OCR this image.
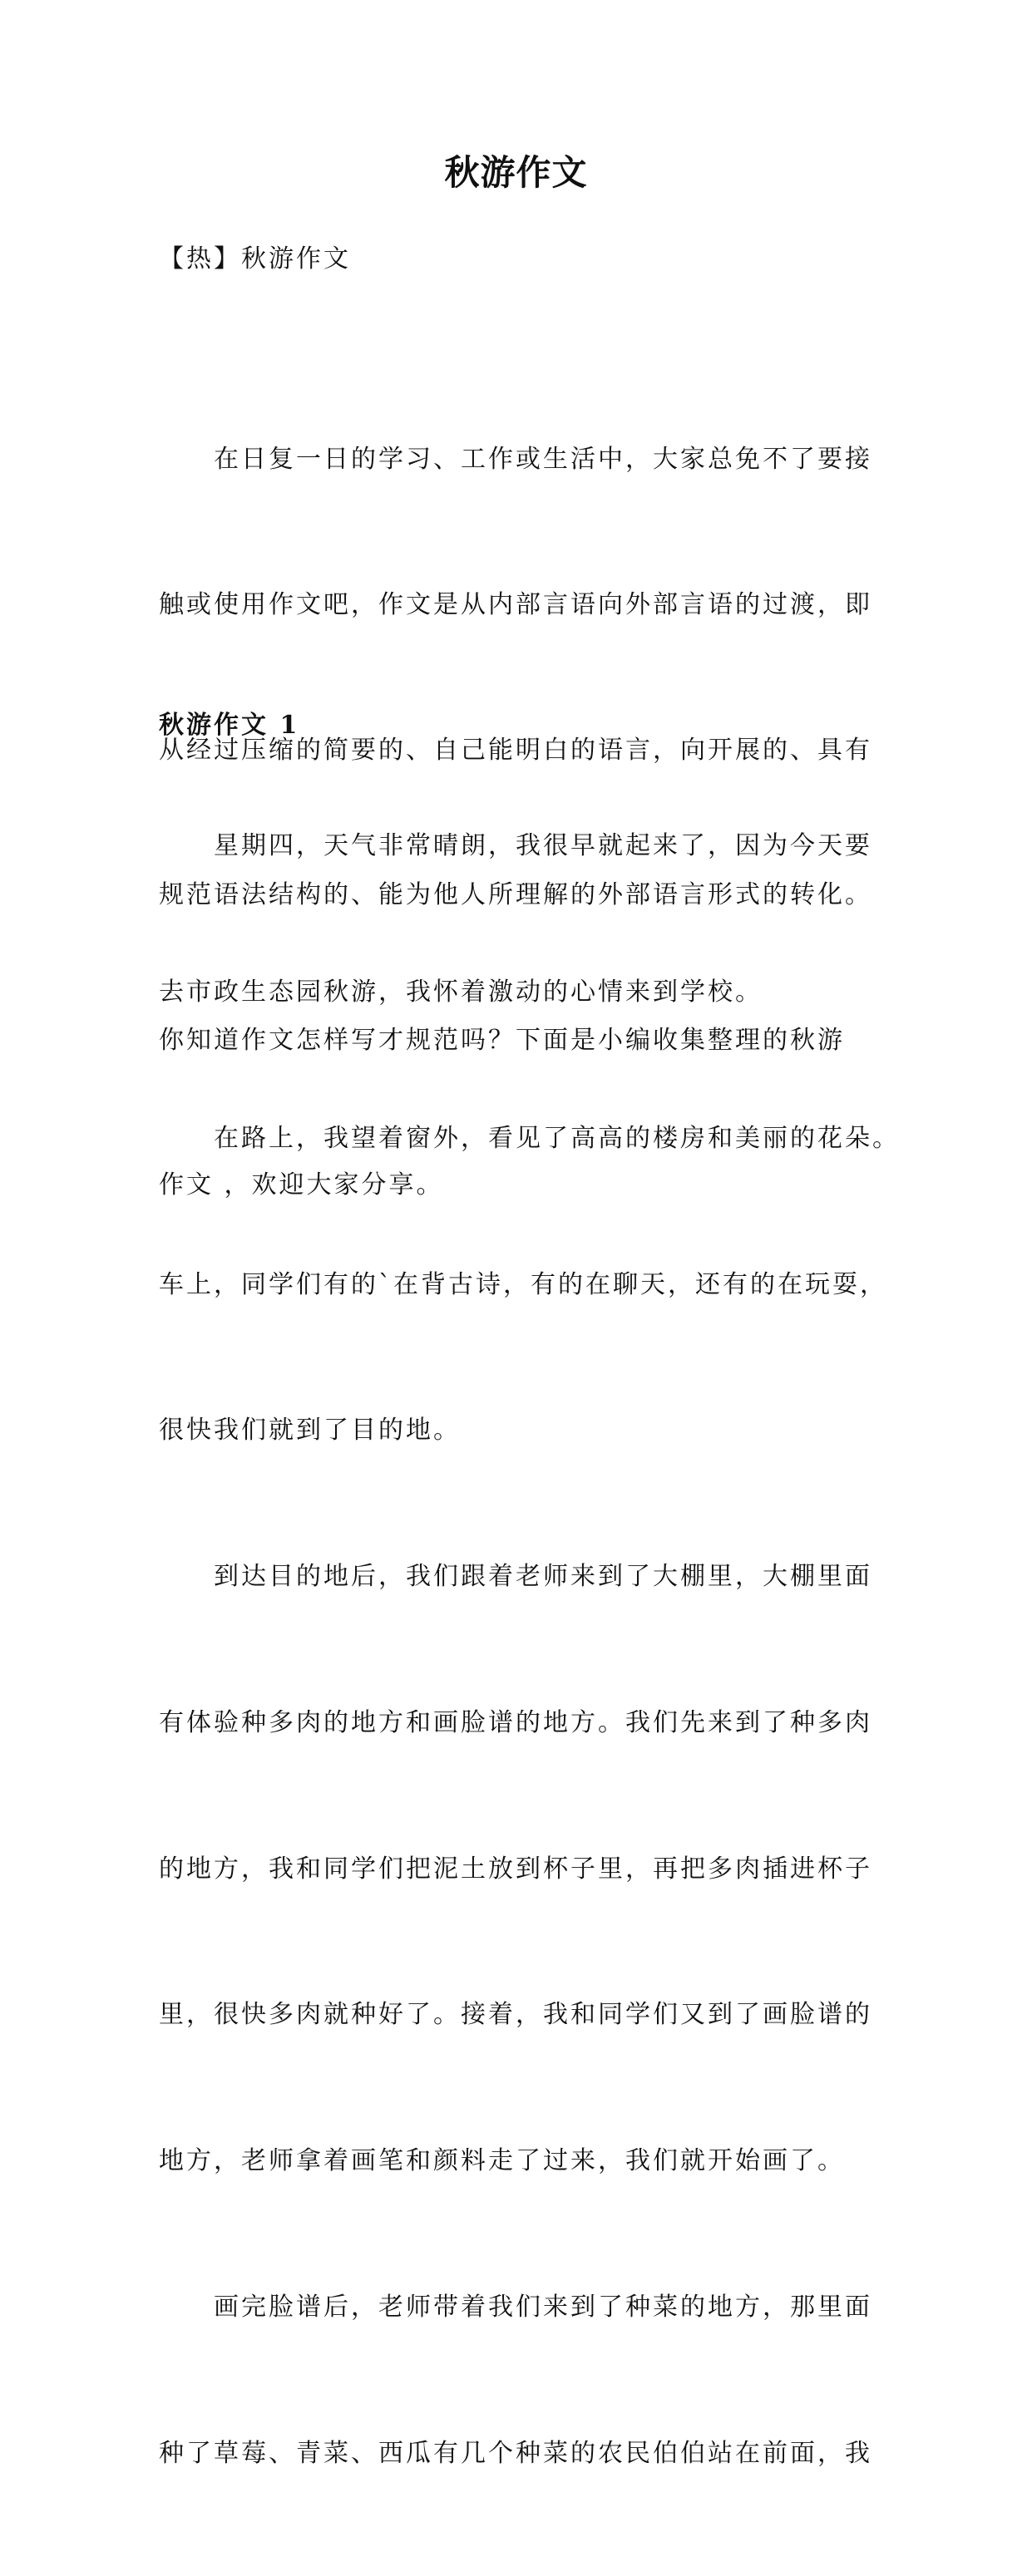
秋游作文
【热】秋游作文

　　在日复一日的学习、工作或生活中，大家总免不了要接

触或使用作文吧，作文是从内部言语向外部言语的过渡，即

从经过压缩的简要的、自己能明白的语言，向开展的、具有

规范语法结构的、能为他人所理解的外部语言形式的转化。

你知道作文怎样写才规范吗？下面是小编收集整理的秋游

作文 ，欢迎大家分享。

秋游作文 1

　　星期四，天气非常晴朗，我很早就起来了，因为今天要

去市政生态园秋游，我怀着激动的心情来到学校。

　　在路上，我望着窗外，看见了高高的楼房和美丽的花朵。

车上，同学们有的`在背古诗，有的在聊天，还有的在玩耍，

很快我们就到了目的地。

　　到达目的地后，我们跟着老师来到了大棚里，大棚里面

有体验种多肉的地方和画脸谱的地方。我们先来到了种多肉

的地方，我和同学们把泥土放到杯子里，再把多肉插进杯子

里，很快多肉就种好了。接着，我和同学们又到了画脸谱的

地方，老师拿着画笔和颜料走了过来，我们就开始画了。

　　画完脸谱后，老师带着我们来到了种菜的地方，那里面

种了草莓、青菜、西瓜有几个种菜的农民伯伯站在前面，我
